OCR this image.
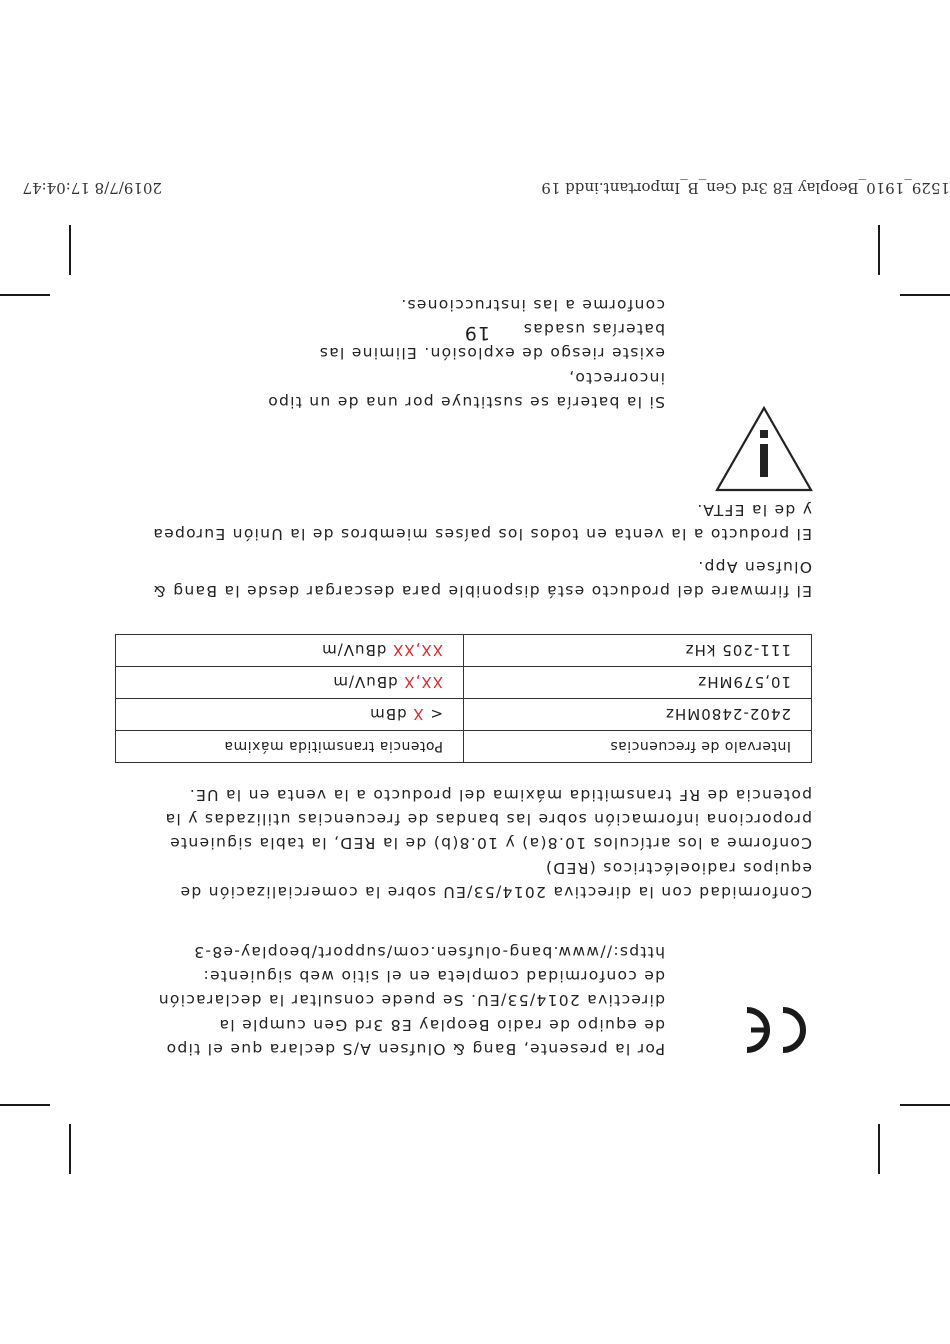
1529_1910_Beoplay E8 3rd Gen_B_Important.indd 19
2019/7/8 17:04:47
19

Si la batería se sustituye por una de un tipo incorrecto,

existe riesgo de explosión. Elimine las baterías usadas

conforme a las instrucciones.

El producto a la venta en todos los países miembros de la Unión Europea

y de la EFTA.

El firmware del producto está disponible para descargar desde la Bang &

Olufsen App.

Intervalo de frecuencias	Potencia transmitida máxima
2402-2480MHz	< X dBm
10,579MHz	XX,X dBuV/m
111-205 kHz	XX,XX dBuV/m

Conformidad con la directiva 2014/53/EU sobre la comercialización de

equipos radioeléctricos (RED)

Conforme a los artículos 10.8(a) y 10.8(b) de la RED, la tabla siguiente

proporciona información sobre las bandas de frecuencias utilizadas y la

potencia de RF transmitida máxima del producto a la venta en la UE.

Por la presente, Bang & Olufsen A/S declara que el tipo

de equipo de radio Beoplay E8 3rd Gen cumple la

directiva 2014/53/EU. Se puede consultar la declaración

de conformidad completa en el sitio web siguiente:

https://www.bang-olufsen.com/support/beoplay-e8-3
